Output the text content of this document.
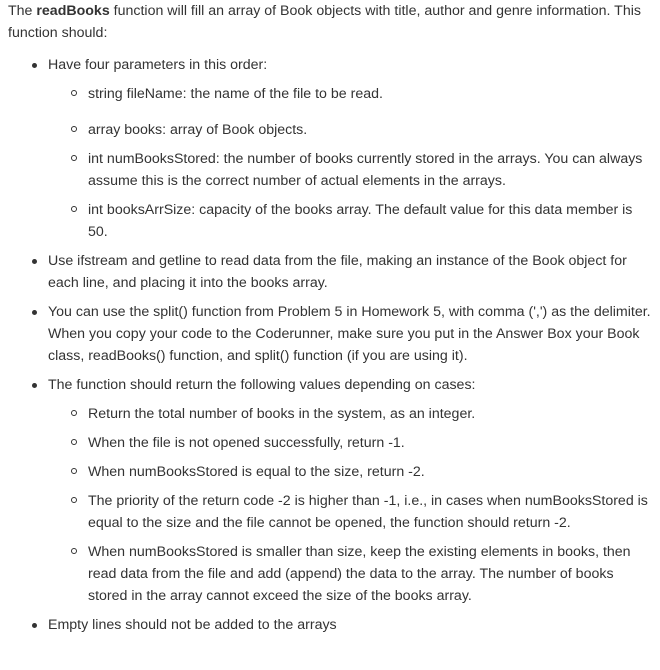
The readBooks function will fill an array of Book objects with title, author and genre information. This function should:

Have four parameters in this order:
string fileName: the name of the file to be read.
array books: array of Book objects.
int numBooksStored: the number of books currently stored in the arrays. You can always assume this is the correct number of actual elements in the arrays.
int booksArrSize: capacity of the books array. The default value for this data member is 50.
Use ifstream and getline to read data from the file, making an instance of the Book object for each line, and placing it into the books array.
You can use the split() function from Problem 5 in Homework 5, with comma (',') as the delimiter. When you copy your code to the Coderunner, make sure you put in the Answer Box your Book class, readBooks() function, and split() function (if you are using it).
The function should return the following values depending on cases:
Return the total number of books in the system, as an integer.
When the file is not opened successfully, return -1.
When numBooksStored is equal to the size, return -2.
The priority of the return code -2 is higher than -1, i.e., in cases when numBooksStored is equal to the size and the file cannot be opened, the function should return -2.
When numBooksStored is smaller than size, keep the existing elements in books, then read data from the file and add (append) the data to the array. The number of books stored in the array cannot exceed the size of the books array.
Empty lines should not be added to the arrays
